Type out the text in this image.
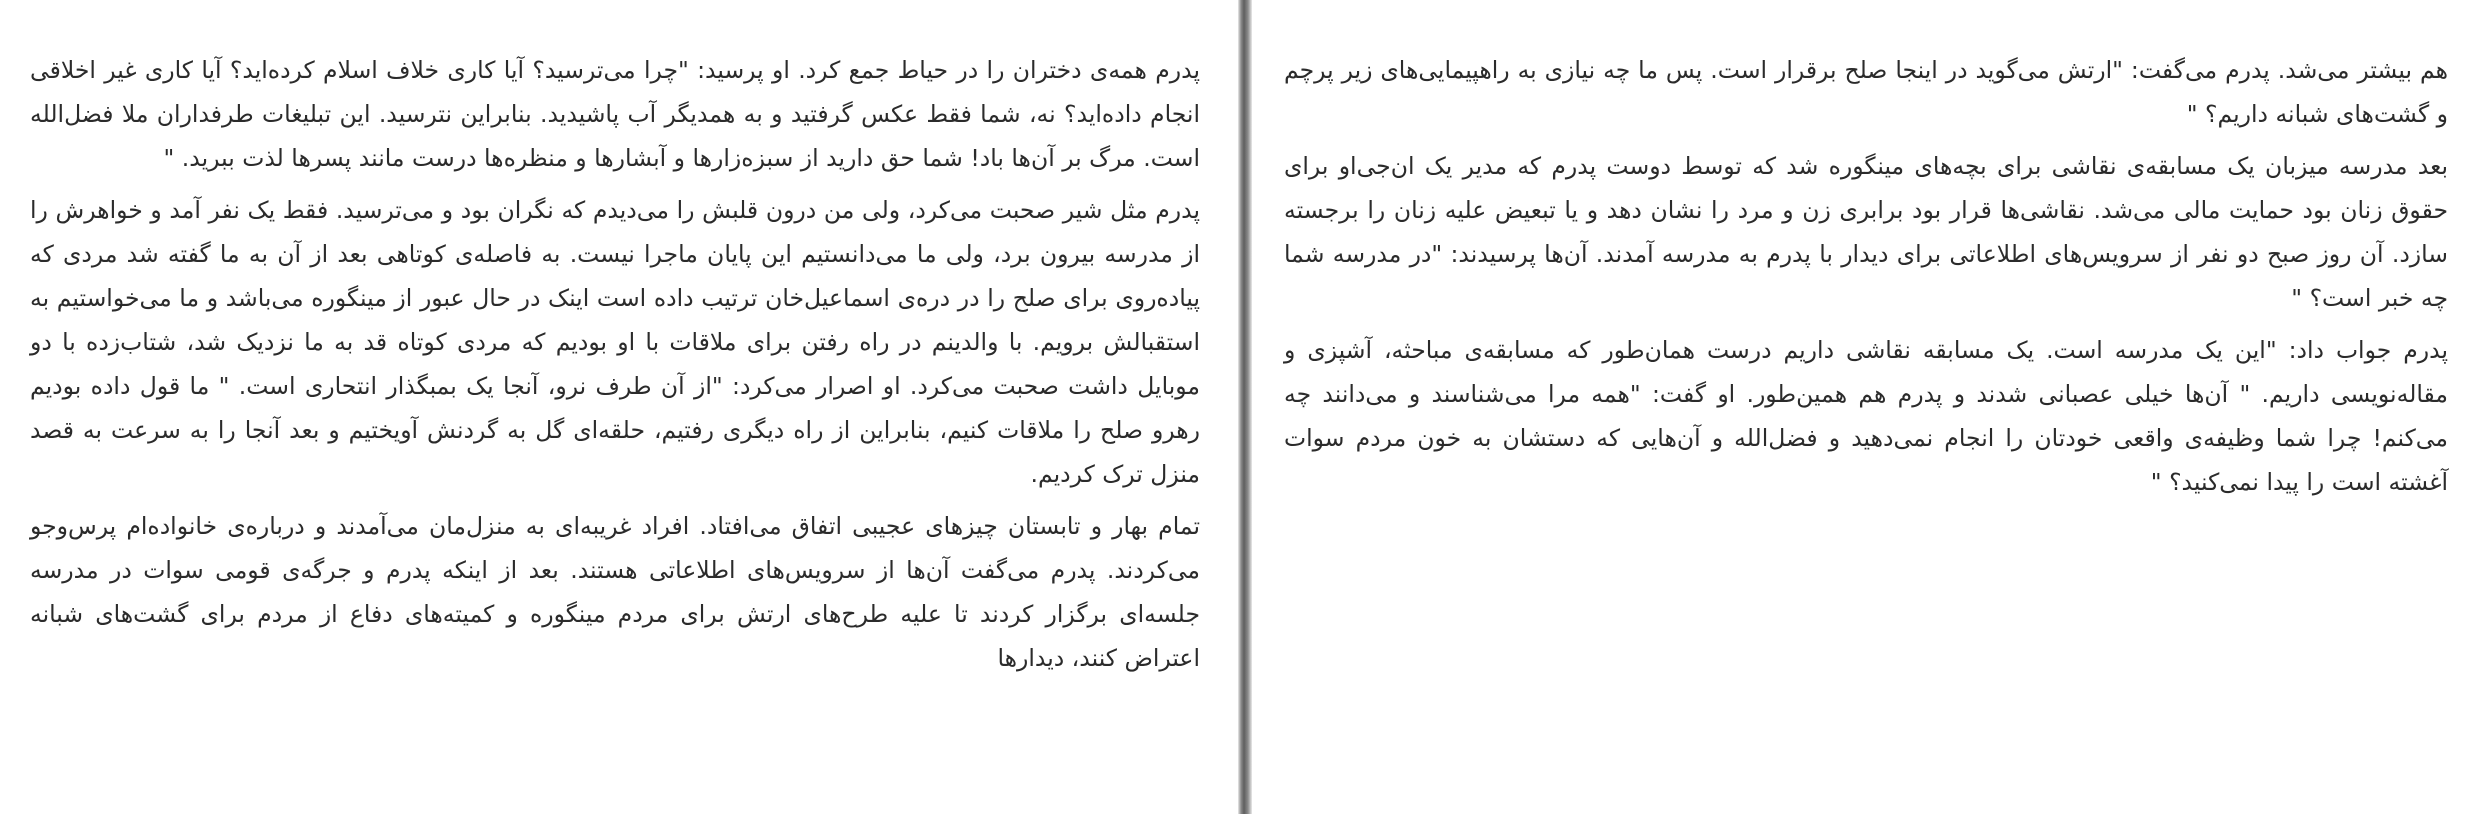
پدرم همه‌ی دختران را در حیاط جمع کرد. او پرسید: "چرا می‌ترسید؟ آیا کاری خلاف اسلام کرده‌اید؟ آیا کاری غیر اخلاقی انجام داده‌اید؟ نه، شما فقط عکس گرفتید و به همدیگر آب پاشیدید. بنابراین نترسید. این تبلیغات طرفداران ملا فضل‌الله است. مرگ بر آن‌ها باد! شما حق دارید از سبزه‌زارها و آبشارها و منظره‌ها درست مانند پسرها لذت ببرید. "

پدرم مثل شیر صحبت می‌کرد، ولی من درون قلبش را می‌دیدم که نگران بود و می‌ترسید. فقط یک نفر آمد و خواهرش را از مدرسه بیرون برد، ولی ما می‌دانستیم این پایان ماجرا نیست. به فاصله‌ی کوتاهی بعد از آن به ما گفته شد مردی که پیاده‌روی برای صلح را در دره‌ی اسماعیل‌خان ترتیب داده است اینک در حال عبور از مینگوره می‌باشد و ما می‌خواستیم به استقبالش برویم. با والدینم در راه رفتن برای ملاقات با او بودیم که مردی کوتاه قد به ما نزدیک شد، شتاب‌زده با دو موبایل داشت صحبت می‌کرد. او اصرار می‌کرد: "از آن طرف نرو، آنجا یک بمبگذار انتحاری است. " ما قول داده بودیم رهرو صلح را ملاقات کنیم، بنابراین از راه دیگری رفتیم، حلقه‌ای گل به گردنش آویختیم و بعد آنجا را به سرعت به قصد منزل ترک کردیم.

تمام بهار و تابستان چیزهای عجیبی اتفاق می‌افتاد. افراد غریبه‌ای به منزل‌مان می‌آمدند و درباره‌ی خانواده‌ام پرس‌وجو می‌کردند. پدرم می‌گفت آن‌ها از سرویس‌های اطلاعاتی هستند. بعد از اینکه پدرم و جرگه‌ی قومی سوات در مدرسه جلسه‌ای برگزار کردند تا علیه طرح‌های ارتش برای مردم مینگوره و کمیته‌های دفاع از مردم برای گشت‌های شبانه اعتراض کنند، دیدارها

هم بیشتر می‌شد. پدرم می‌گفت: "ارتش می‌گوید در اینجا صلح برقرار است. پس ما چه نیازی به راهپیمایی‌های زیر پرچم و گشت‌های شبانه داریم؟ "

بعد مدرسه میزبان یک مسابقه‌ی نقاشی برای بچه‌های مینگوره شد که توسط دوست پدرم که مدیر یک ان‌جی‌او برای حقوق زنان بود حمایت مالی می‌شد. نقاشی‌ها قرار بود برابری زن و مرد را نشان دهد و یا تبعیض علیه زنان را برجسته سازد. آن روز صبح دو نفر از سرویس‌های اطلاعاتی برای دیدار با پدرم به مدرسه آمدند. آن‌ها پرسیدند: "در مدرسه شما چه خبر است؟ "

پدرم جواب داد: "این یک مدرسه است. یک مسابقه نقاشی داریم درست همان‌طور که مسابقه‌ی مباحثه، آشپزی و مقاله‌نویسی داریم. " آن‌ها خیلی عصبانی شدند و پدرم هم همین‌طور. او گفت: "همه مرا می‌شناسند و می‌دانند چه می‌کنم! چرا شما وظیفه‌ی واقعی خودتان را انجام نمی‌دهید و فضل‌الله و آن‌هایی که دستشان به خون مردم سوات آغشته است را پیدا نمی‌کنید؟ "
